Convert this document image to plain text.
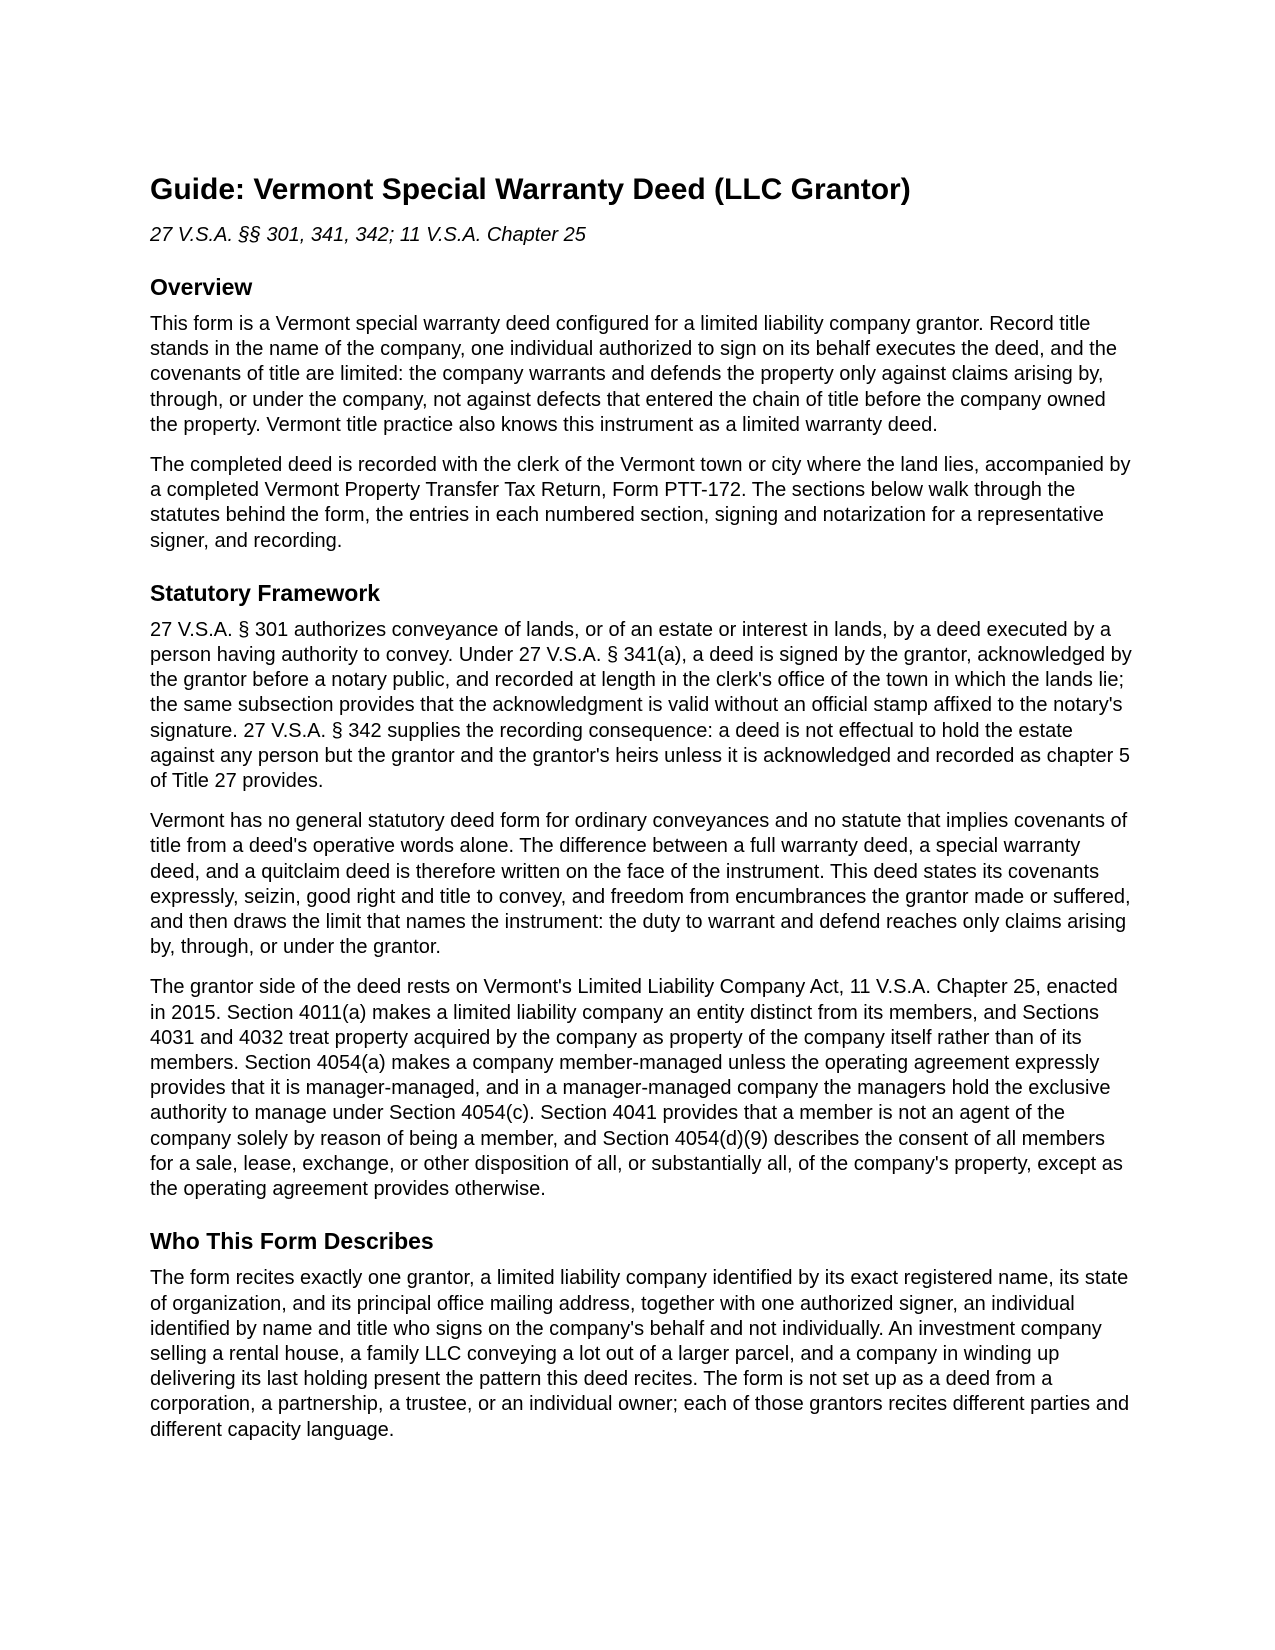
Guide: Vermont Special Warranty Deed (LLC Grantor)
27 V.S.A. §§ 301, 341, 342; 11 V.S.A. Chapter 25
Overview

This form is a Vermont special warranty deed configured for a limited liability company grantor. Record title stands in the name of the company, one individual authorized to sign on its behalf executes the deed, and the covenants of title are limited: the company warrants and defends the property only against claims arising by, through, or under the company, not against defects that entered the chain of title before the company owned the property. Vermont title practice also knows this instrument as a limited warranty deed.

The completed deed is recorded with the clerk of the Vermont town or city where the land lies, accompanied by a completed Vermont Property Transfer Tax Return, Form PTT-172. The sections below walk through the statutes behind the form, the entries in each numbered section, signing and notarization for a representative signer, and recording.

Statutory Framework

27 V.S.A. § 301 authorizes conveyance of lands, or of an estate or interest in lands, by a deed executed by a person having authority to convey. Under 27 V.S.A. § 341(a), a deed is signed by the grantor, acknowledged by the grantor before a notary public, and recorded at length in the clerk's office of the town in which the lands lie; the same subsection provides that the acknowledgment is valid without an official stamp affixed to the notary's signature. 27 V.S.A. § 342 supplies the recording consequence: a deed is not effectual to hold the estate against any person but the grantor and the grantor's heirs unless it is acknowledged and recorded as chapter 5 of Title 27 provides.

Vermont has no general statutory deed form for ordinary conveyances and no statute that implies covenants of title from a deed's operative words alone. The difference between a full warranty deed, a special warranty deed, and a quitclaim deed is therefore written on the face of the instrument. This deed states its covenants expressly, seizin, good right and title to convey, and freedom from encumbrances the grantor made or suffered, and then draws the limit that names the instrument: the duty to warrant and defend reaches only claims arising by, through, or under the grantor.

The grantor side of the deed rests on Vermont's Limited Liability Company Act, 11 V.S.A. Chapter 25, enacted in 2015. Section 4011(a) makes a limited liability company an entity distinct from its members, and Sections 4031 and 4032 treat property acquired by the company as property of the company itself rather than of its members. Section 4054(a) makes a company member-managed unless the operating agreement expressly provides that it is manager-managed, and in a manager-managed company the managers hold the exclusive authority to manage under Section 4054(c). Section 4041 provides that a member is not an agent of the company solely by reason of being a member, and Section 4054(d)(9) describes the consent of all members for a sale, lease, exchange, or other disposition of all, or substantially all, of the company's property, except as the operating agreement provides otherwise.

Who This Form Describes

The form recites exactly one grantor, a limited liability company identified by its exact registered name, its state of organization, and its principal office mailing address, together with one authorized signer, an individual identified by name and title who signs on the company's behalf and not individually. An investment company selling a rental house, a family LLC conveying a lot out of a larger parcel, and a company in winding up delivering its last holding present the pattern this deed recites. The form is not set up as a deed from a corporation, a partnership, a trustee, or an individual owner; each of those grantors recites different parties and different capacity language.
